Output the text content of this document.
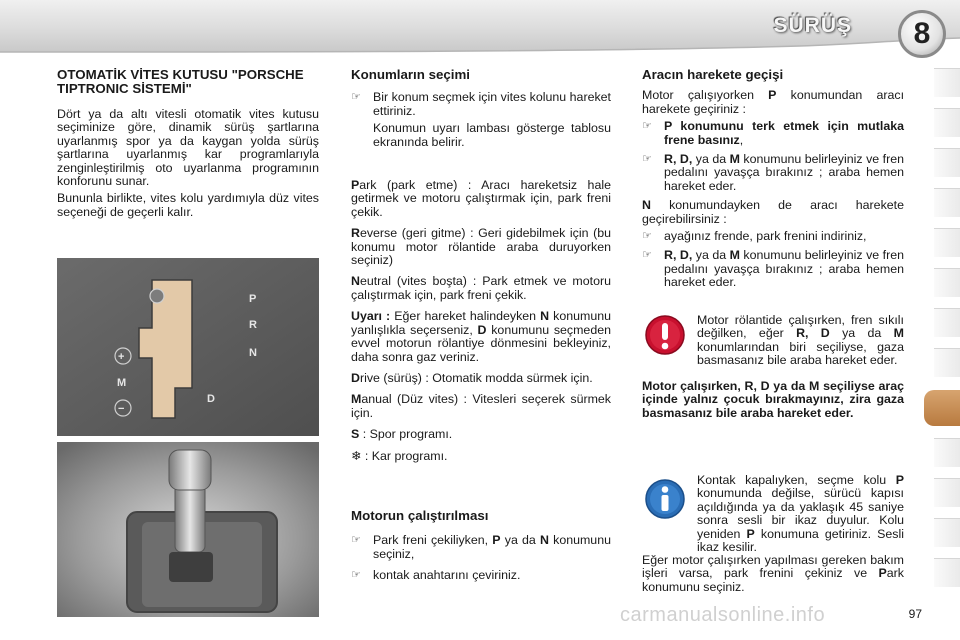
SÜRÜŞ	8

OTOMATİK VİTES KUTUSU "PORSCHE TIPTRONIC SİSTEMİ"

Dört ya da altı vitesli otomatik vites kutusu seçiminize göre, dinamik sürüş şartlarına uyarlanmış spor ya da kaygan yolda sürüş şartlarına uyarlanmış kar programlarıyla zenginleştirilmiş oto uyarlanma programının konforunu sunar.

Bununla birlikte, vites kolu yardımıyla düz vites seçeneği de geçerli kalır.

P
R
N
D
+
M
−

Konumların seçimi

☞ Bir konum seçmek için vites kolunu hareket ettiriniz.

Konumun uyarı lambası gösterge tablosu ekranında belirir.

Park (park etme) : Aracı hareketsiz hale getirmek ve motoru çalıştırmak için, park freni çekik.

Reverse (geri gitme) : Geri gidebilmek için (bu konumu motor rölantide araba duruyorken seçiniz)

Neutral (vites boşta) : Park etmek ve motoru çalıştırmak için, park freni çekik.

Uyarı : Eğer hareket halindeyken N konumunu yanlışlıkla seçerseniz, D konumunu seçmeden evvel motorun rölantiye dönmesini bekleyiniz, daha sonra gaz veriniz.

Drive (sürüş) : Otomatik modda sürmek için.

Manual (Düz vites) : Vitesleri seçerek sürmek için.

S : Spor programı.

❄ : Kar programı.

Motorun çalıştırılması

☞ Park freni çekiliyken, P ya da N konumunu seçiniz,
☞ kontak anahtarını çeviriniz.

Aracın harekete geçişi

Motor çalışıyorken P konumundan aracı harekete geçiriniz :

☞ P konumunu terk etmek için mutlaka frene basınız,
☞ R, D, ya da M konumunu belirleyiniz ve fren pedalını yavaşça bırakınız ; araba hemen hareket eder.

N konumundayken de aracı harekete geçirebilirsiniz :

☞ ayağınız frende, park frenini indiriniz,
☞ R, D, ya da M konumunu belirleyiniz ve fren pedalını yavaşça bırakınız ; araba hemen hareket eder.
Motor rölantide çalışırken, fren sıkılı değilken, eğer R, D ya da M konumlarından biri seçiliyse, gaza basmasanız bile araba hareket eder.
Motor çalışırken, R, D ya da M seçiliyse araç içinde yalnız çocuk bırakmayınız, zira gaza basmasanız bile araba hareket eder.
Kontak kapalıyken, seçme kolu P konumunda değilse, sürücü kapısı açıldığında ya da yaklaşık 45 saniye sonra sesli bir ikaz duyulur. Kolu yeniden P konumuna getiriniz. Sesli ikaz kesilir.
Eğer motor çalışırken yapılması gereken bakım işleri varsa, park frenini çekiniz ve Park konumunu seçiniz.
carmanualsonline.info	97
